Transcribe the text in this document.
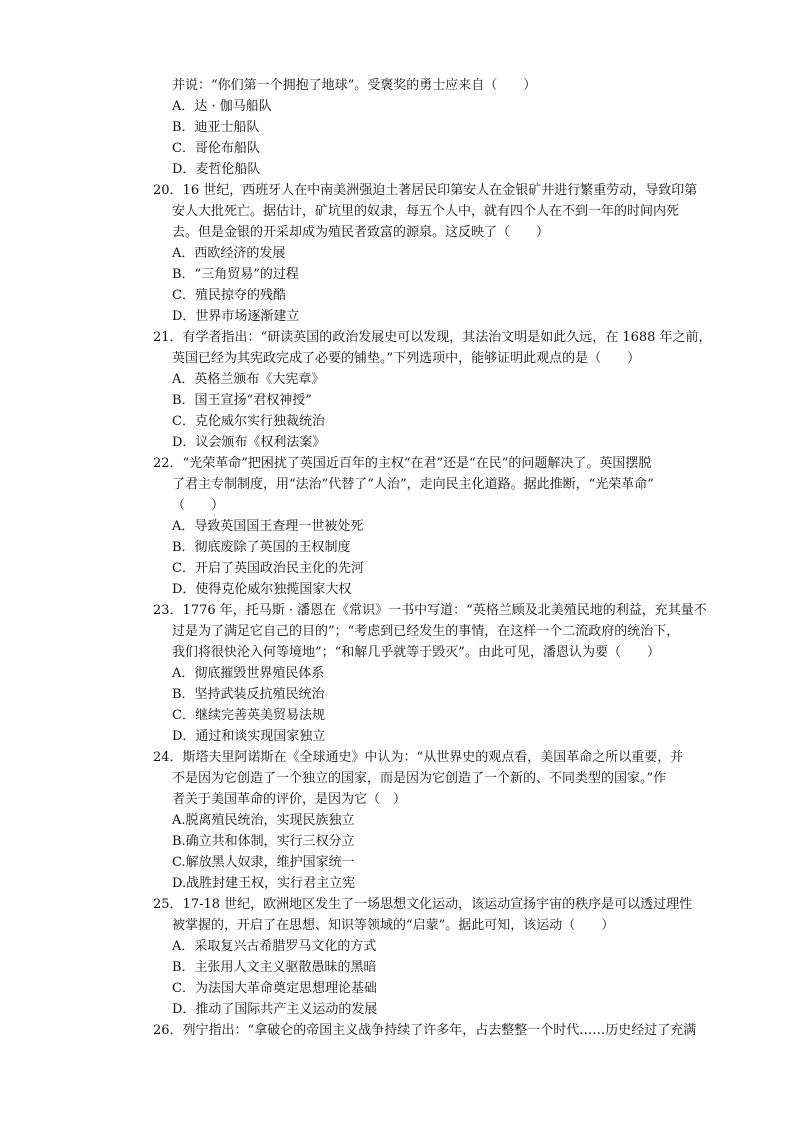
并说：“你们第一个拥抱了地球”。受褒奖的勇士应来自（　　）
A．达 · 伽马船队
B．迪亚士船队
C．哥伦布船队
D．麦哲伦船队
20．16 世纪，西班牙人在中南美洲强迫土著居民印第安人在金银矿井进行繁重劳动，导致印第
安人大批死亡。据估计，矿坑里的奴隶，每五个人中，就有四个人在不到一年的时间内死
去。但是金银的开采却成为殖民者致富的源泉。这反映了（　　）
A．西欧经济的发展
B．“三角贸易”的过程
C．殖民掠夺的残酷
D．世界市场逐渐建立
21．有学者指出：“研读英国的政治发展史可以发现，其法治文明是如此久远，在 1688 年之前，
英国已经为其宪政完成了必要的铺垫。”下列选项中，能够证明此观点的是（　　）
A．英格兰颁布《大宪章》
B．国王宣扬“君权神授”
C．克伦威尔实行独裁统治
D．议会颁布《权利法案》
22．“光荣革命”把困扰了英国近百年的主权“在君”还是“在民”的问题解决了。英国摆脱
了君主专制制度，用“法治”代替了“人治”，走向民主化道路。据此推断，“光荣革命”
（　　）
A．导致英国国王查理一世被处死
B．彻底废除了英国的王权制度
C．开启了英国政治民主化的先河
D．使得克伦威尔独揽国家大权
23．1776 年，托马斯 · 潘恩在《常识》一书中写道：“英格兰顾及北美殖民地的利益，充其量不
过是为了满足它自己的目的”；“考虑到已经发生的事情，在这样一个二流政府的统治下，
我们将很快沦入何等境地”；“和解几乎就等于毁灭”。由此可见，潘恩认为要（　　）
A．彻底摧毁世界殖民体系
B．坚持武装反抗殖民统治
C．继续完善英美贸易法规
D．通过和谈实现国家独立
24．斯塔夫里阿诺斯在《全球通史》中认为：“从世界史的观点看，美国革命之所以重要，并
不是因为它创造了一个独立的国家，而是因为它创造了一个新的、不同类型的国家。”作
者关于美国革命的评价，是因为它（　）
A.脱离殖民统治，实现民族独立
B.确立共和体制，实行三权分立
C.解放黑人奴隶，维护国家统一
D.战胜封建王权，实行君主立宪
25．17-18 世纪，欧洲地区发生了一场思想文化运动，该运动宣扬宇宙的秩序是可以透过理性
被掌握的，开启了在思想、知识等领域的“启蒙”。据此可知，该运动（　　）
A．采取复兴古希腊罗马文化的方式
B．主张用人文主义驱散愚昧的黑暗
C．为法国大革命奠定思想理论基础
D．推动了国际共产主义运动的发展
26．列宁指出：“拿破仑的帝国主义战争持续了许多年，占去整整一个时代……历史经过了充满
